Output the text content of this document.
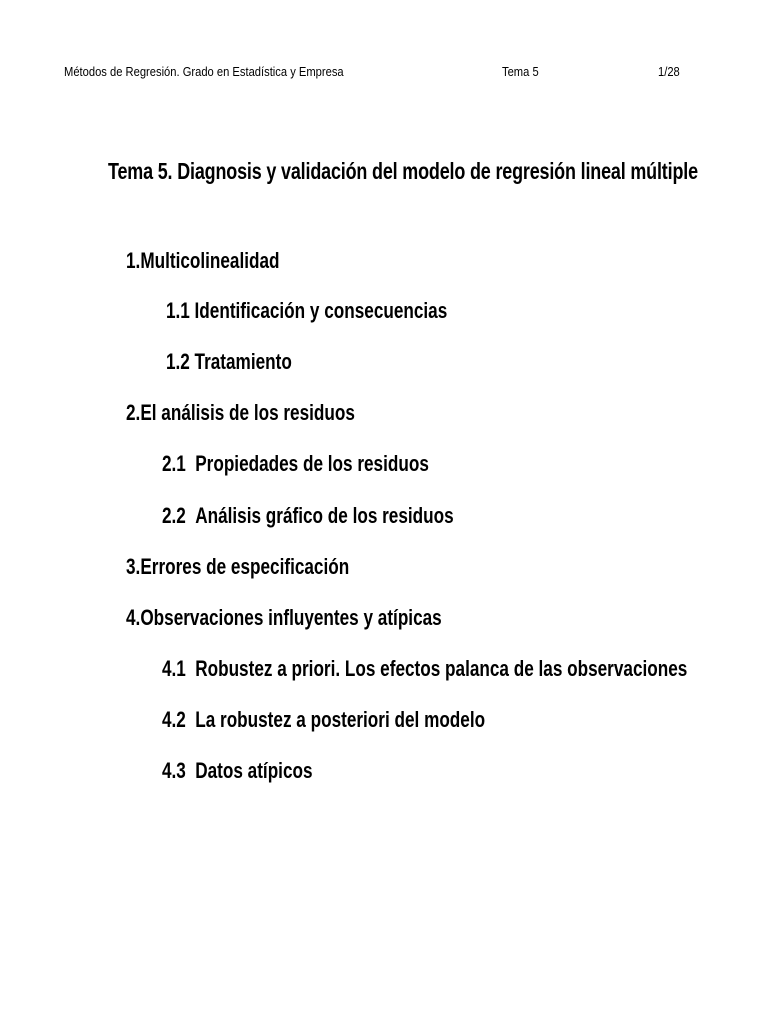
Métodos de Regresión. Grado en Estadística y Empresa	Tema 5	1/28
Tema 5. Diagnosis y validación del modelo de regresión lineal múltiple
1.Multicolinealidad
1.1 Identificación y consecuencias
1.2 Tratamiento
2.El análisis de los residuos
2.1 Propiedades de los residuos
2.2 Análisis gráfico de los residuos
3.Errores de especificación
4.Observaciones influyentes y atípicas
4.1 Robustez a priori. Los efectos palanca de las observaciones
4.2 La robustez a posteriori del modelo
4.3 Datos atípicos
